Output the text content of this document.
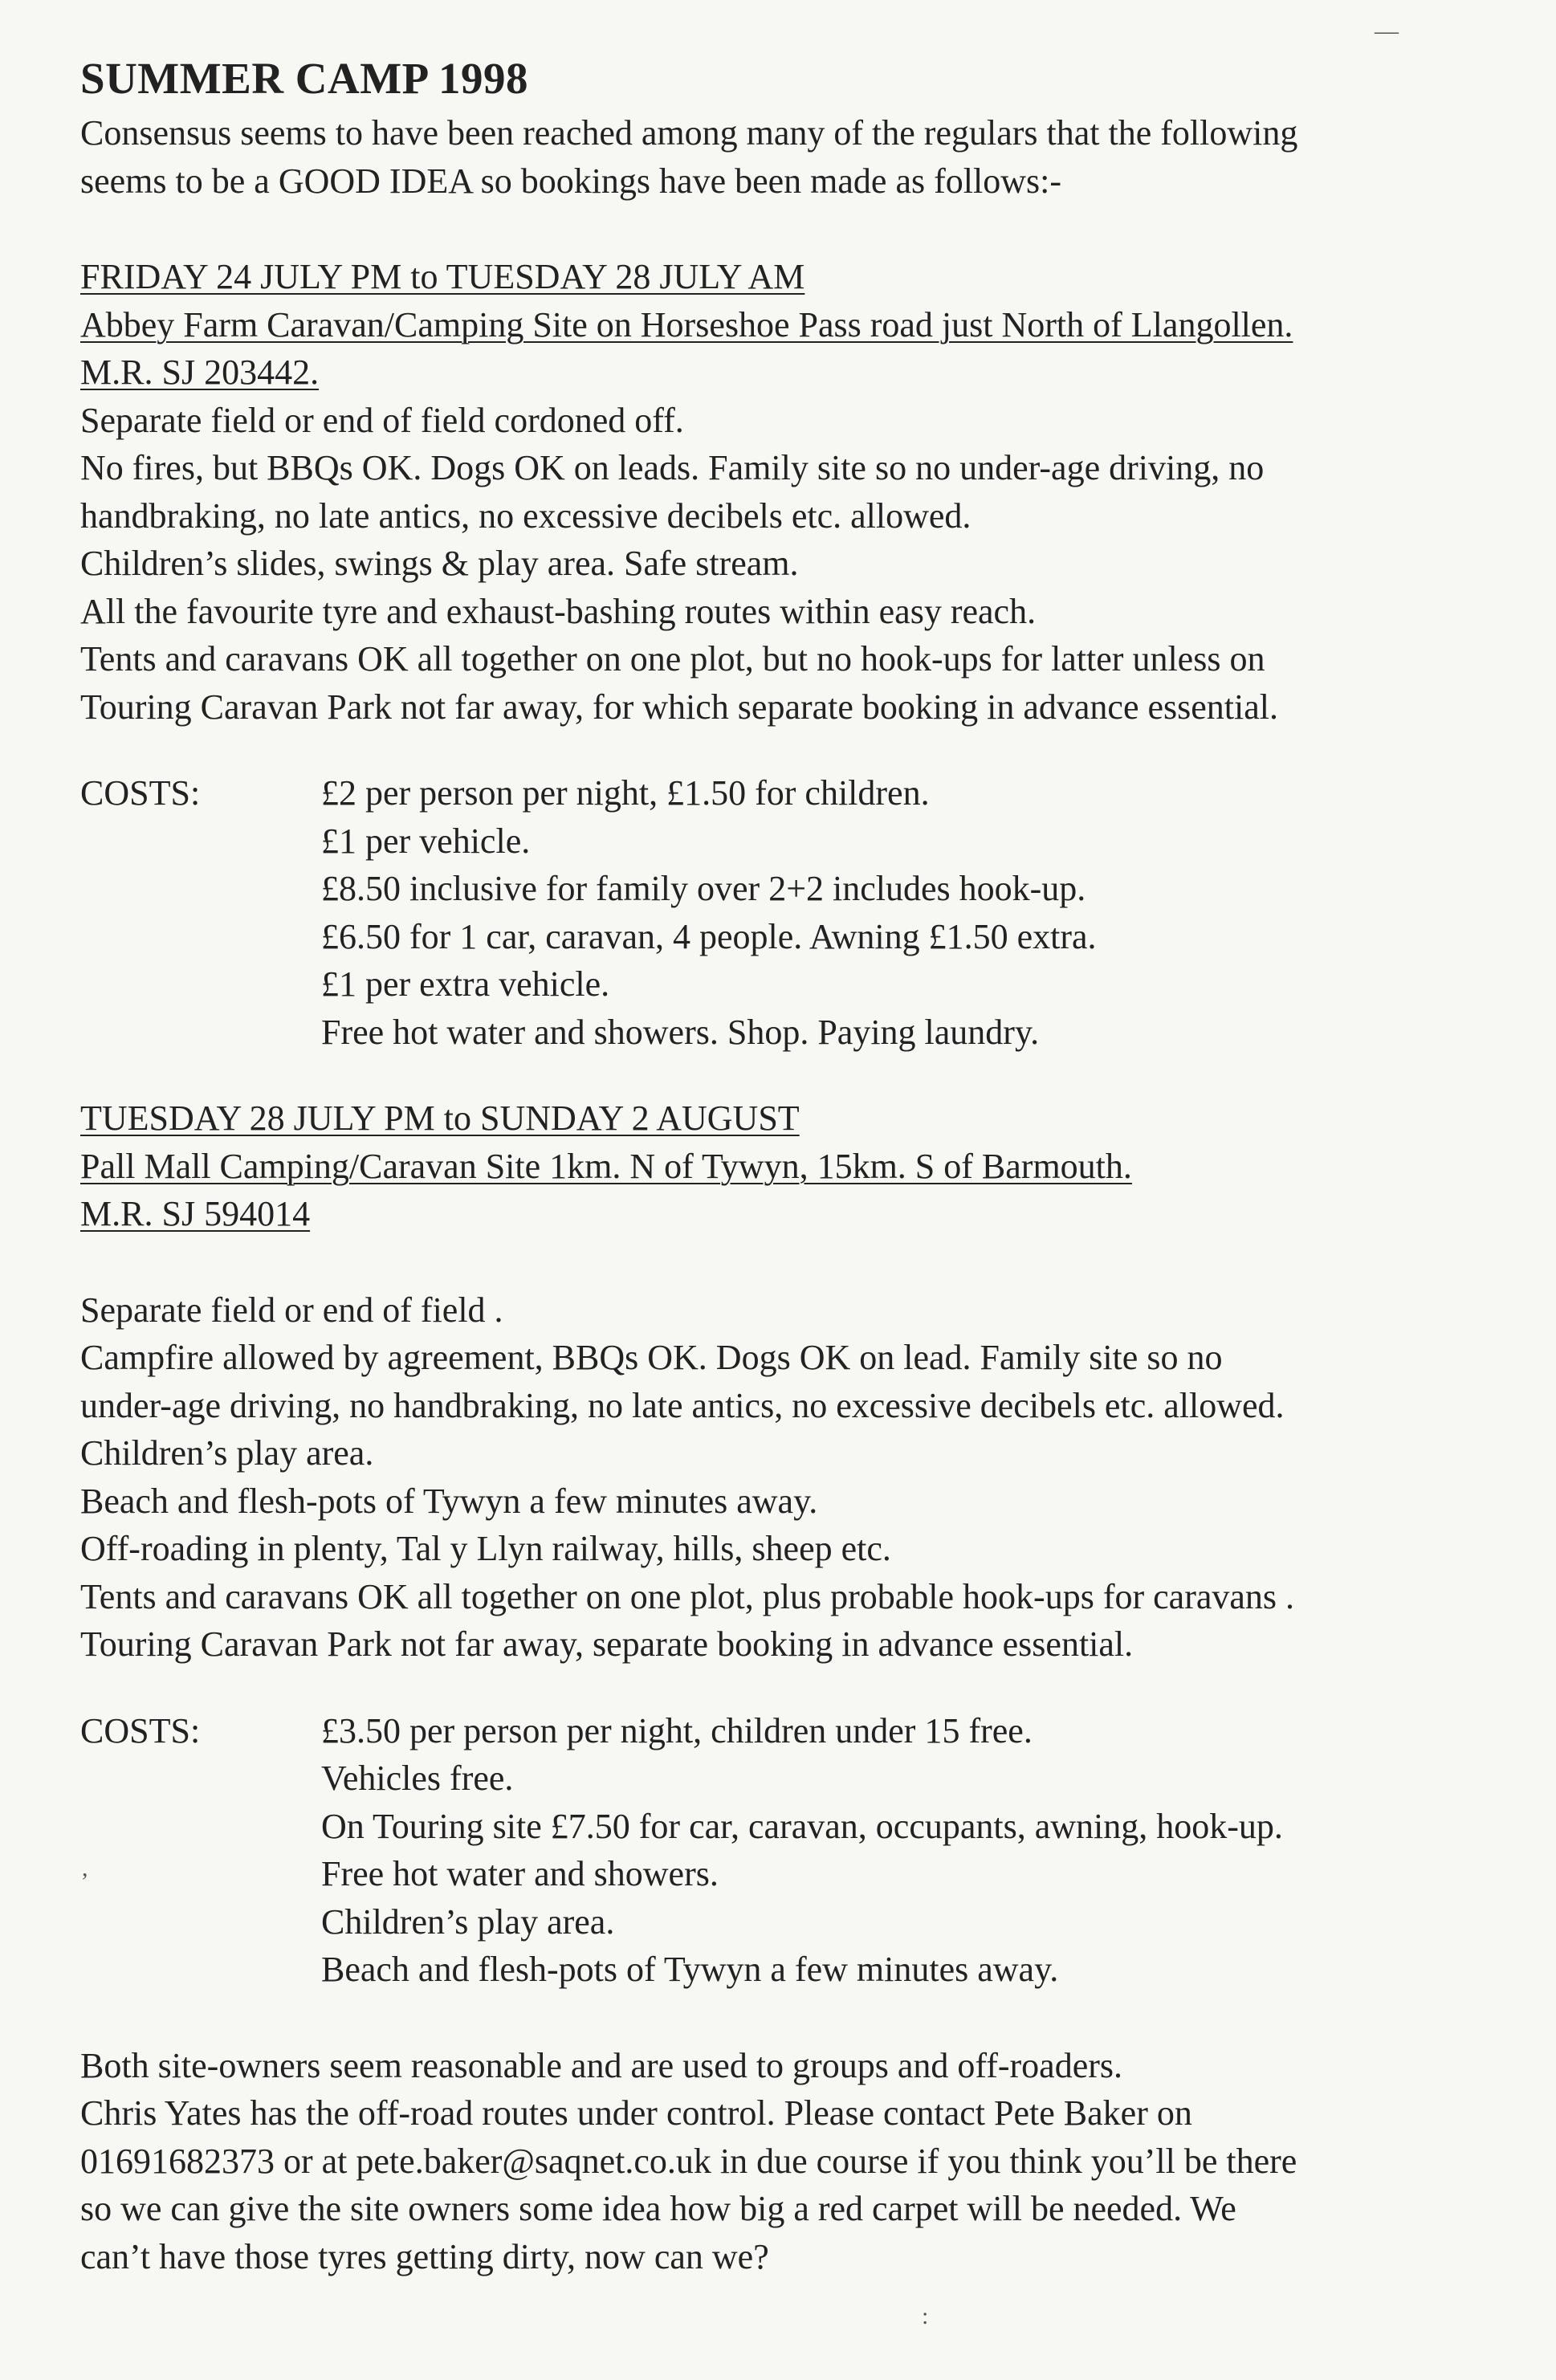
SUMMER CAMP 1998

Consensus seems to have been reached among many of the regulars that the following

seems to be a GOOD IDEA so bookings have been made as follows:-

FRIDAY 24 JULY PM to TUESDAY 28 JULY AM

Abbey Farm Caravan/Camping Site on Horseshoe Pass road just North of Llangollen.

M.R. SJ 203442.

Separate field or end of field cordoned off.

No fires, but BBQs OK. Dogs OK on leads. Family site so no under-age driving, no

handbraking, no late antics, no excessive decibels etc. allowed.

Children’s slides, swings & play area. Safe stream.

All the favourite tyre and exhaust-bashing routes within easy reach.

Tents and caravans OK all together on one plot, but no hook-ups for latter unless on

Touring Caravan Park not far away, for which separate booking in advance essential.

COSTS:	£2 per person per night, £1.50 for children.
£1 per vehicle.
£8.50 inclusive for family over 2+2 includes hook-up.
£6.50 for 1 car, caravan, 4 people. Awning £1.50 extra.
£1 per extra vehicle.
Free hot water and showers. Shop. Paying laundry.

TUESDAY 28 JULY PM to SUNDAY 2 AUGUST

Pall Mall Camping/Caravan Site 1km. N of Tywyn, 15km. S of Barmouth.

M.R. SJ 594014

Separate field or end of field .

Campfire allowed by agreement, BBQs OK. Dogs OK on lead. Family site so no

under-age driving, no handbraking, no late antics, no excessive decibels etc. allowed.

Children’s play area.

Beach and flesh-pots of Tywyn a few minutes away.

Off-roading in plenty, Tal y Llyn railway, hills, sheep etc.

Tents and caravans OK all together on one plot, plus probable hook-ups for caravans .

Touring Caravan Park not far away, separate booking in advance essential.

COSTS:	£3.50 per person per night, children under 15 free.
Vehicles free.
On Touring site £7.50 for car, caravan, occupants, awning, hook-up.
Free hot water and showers.
Children’s play area.
Beach and flesh-pots of Tywyn a few minutes away.

Both site-owners seem reasonable and are used to groups and off-roaders.

Chris Yates has the off-road routes under control. Please contact Pete Baker on

01691682373 or at pete.baker@saqnet.co.uk in due course if you think you’ll be there

so we can give the site owners some idea how big a red carpet will be needed. We

can’t have those tyres getting dirty, now can we?

—
,
:
